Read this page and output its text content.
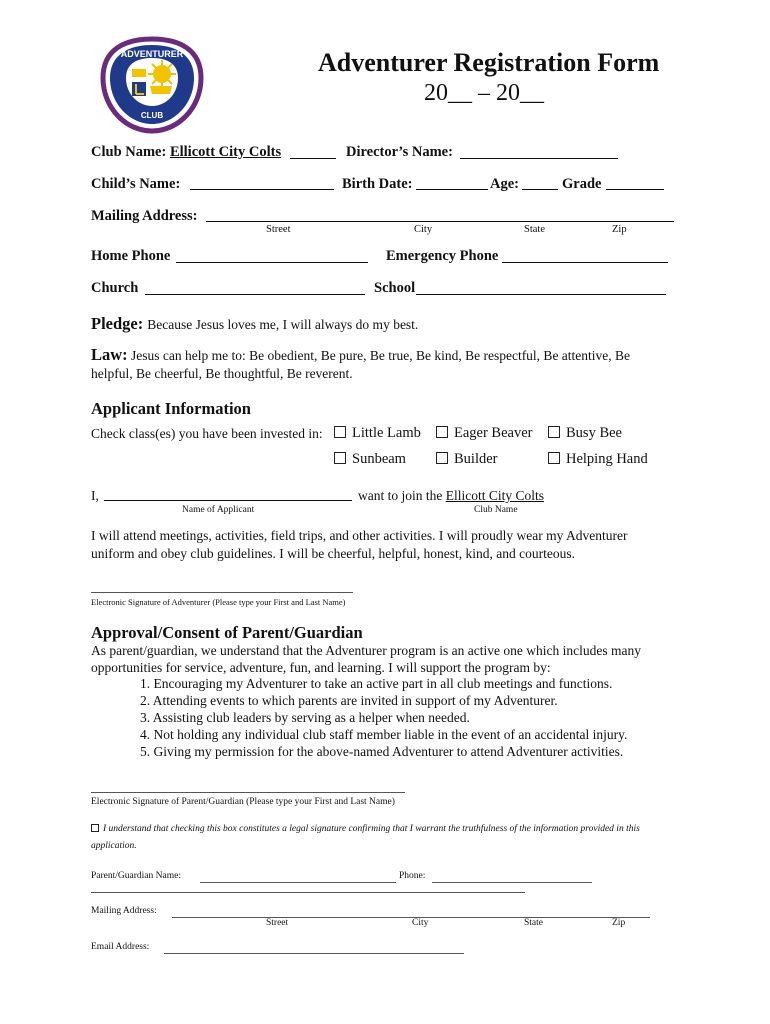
ADVENTURER
CLUB
Adventurer Registration Form
20__ – 20__
Club Name: Ellicott City Colts	Director’s Name:
Child’s Name:	Birth Date:	Age:	Grade
Mailing Address:
Street	City	State	Zip
Home Phone	Emergency Phone
Church	School
Pledge: Because Jesus loves me, I will always do my best.
Law: Jesus can help me to: Be obedient, Be pure, Be true, Be kind, Be respectful, Be attentive, Be helpful, Be cheerful, Be thoughtful, Be reverent.
Applicant Information
Check class(es) you have been invested in:	Little Lamb	Eager Beaver	Busy Bee
Sunbeam	Builder	Helping Hand
I,	want to join the Ellicott City Colts
Name of Applicant	Club Name
I will attend meetings, activities, field trips, and other activities. I will proudly wear my Adventurer uniform and obey club guidelines. I will be cheerful, helpful, honest, kind, and courteous.
Electronic Signature of Adventurer (Please type your First and Last Name)
Approval/Consent of Parent/Guardian
As parent/guardian, we understand that the Adventurer program is an active one which includes many opportunities for service, adventure, fun, and learning. I will support the program by:
1. Encouraging my Adventurer to take an active part in all club meetings and functions.
2. Attending events to which parents are invited in support of my Adventurer.
3. Assisting club leaders by serving as a helper when needed.
4. Not holding any individual club staff member liable in the event of an accidental injury.
5. Giving my permission for the above-named Adventurer to attend Adventurer activities.
Electronic Signature of Parent/Guardian (Please type your First and Last Name)
I understand that checking this box constitutes a legal signature confirming that I warrant the truthfulness of the information provided in this application.
Parent/Guardian Name:	Phone:
Mailing Address:
Street	City	State	Zip
Email Address:
